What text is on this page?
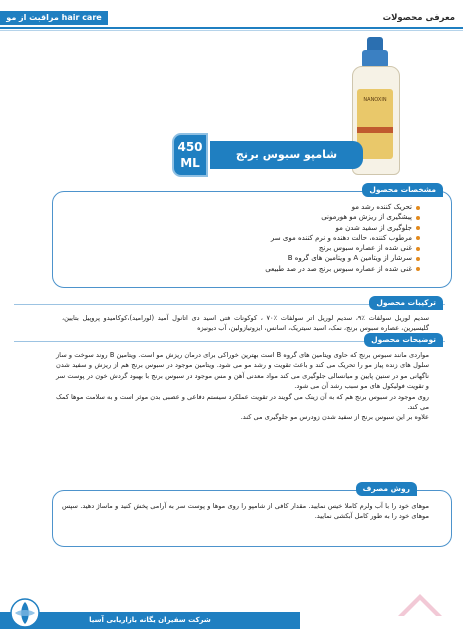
مراقبت از مو hair care	معرفی محصولات
NANOXIN
450
ML
شامپو سبوس برنج
مشخصات محصول
تحریک کننده رشد مو
پیشگیری از ریزش مو هورمونی
جلوگیری از سفید شدن مو
مرطوب کننده، حالت دهنده و نرم کننده موی سر
غنی شده از عصاره سبوس برنج
سرشار از ویتامین A و ویتامین های گروه B
غنی شده از عصاره سبوس برنج صد در صد طبیعی
ترکیبات محصول
سدیم لوریل سولفات ٪۹، سدیم لوریل اتر سولفات ٪۷۰ ، کوکونات فتی اسید دی اتانول آمید (لورامید)،کوکامیدو پروپیل بتایین، گلیسیرین، عصاره سبوس برنج، نمک، اسید سیتریک، اسانس، ایزوتیازولین، آب دیونیزه
توضیحات محصول

مواردی مانند سبوس برنج که حاوی ویتامین های گروه B است بهترین خوراکی برای درمان ریزش مو است. ویتامین B روند سوخت و ساز سلول های زنده پیاز مو را تحریک می کند و باعث تقویت و رشد مو می شود. ویتامین موجود در سبوس برنج هم از ریزش و سفید شدن ناگهانی مو در سنین پایین و میانسالی جلوگیری می کند مواد معدنی آهن و مس موجود در سبوس برنج با بهبود گردش خون در پوست سر و تقویت فولیکول های مو سبب رشد آن می شود.

روی موجود در سبوس برنج هم که به آن زینک می گویند در تقویت عملکرد سیستم دفاعی و عصبی بدن موثر است و به سلامت موها کمک می کند.

علاوه بر این سبوس برنج از سفید شدن زودرس مو جلوگیری می کند.

روش مصرف
موهای خود را با آب ولرم کاملا خیس نمایید. مقدار کافی از شامپو را روی موها و پوست سر به آرامی پخش کنید و ماساژ دهید. سپس موهای خود را به طور کامل آبکشی نمایید.
شرکت سفیران یگانه بازاریابی آسیا
